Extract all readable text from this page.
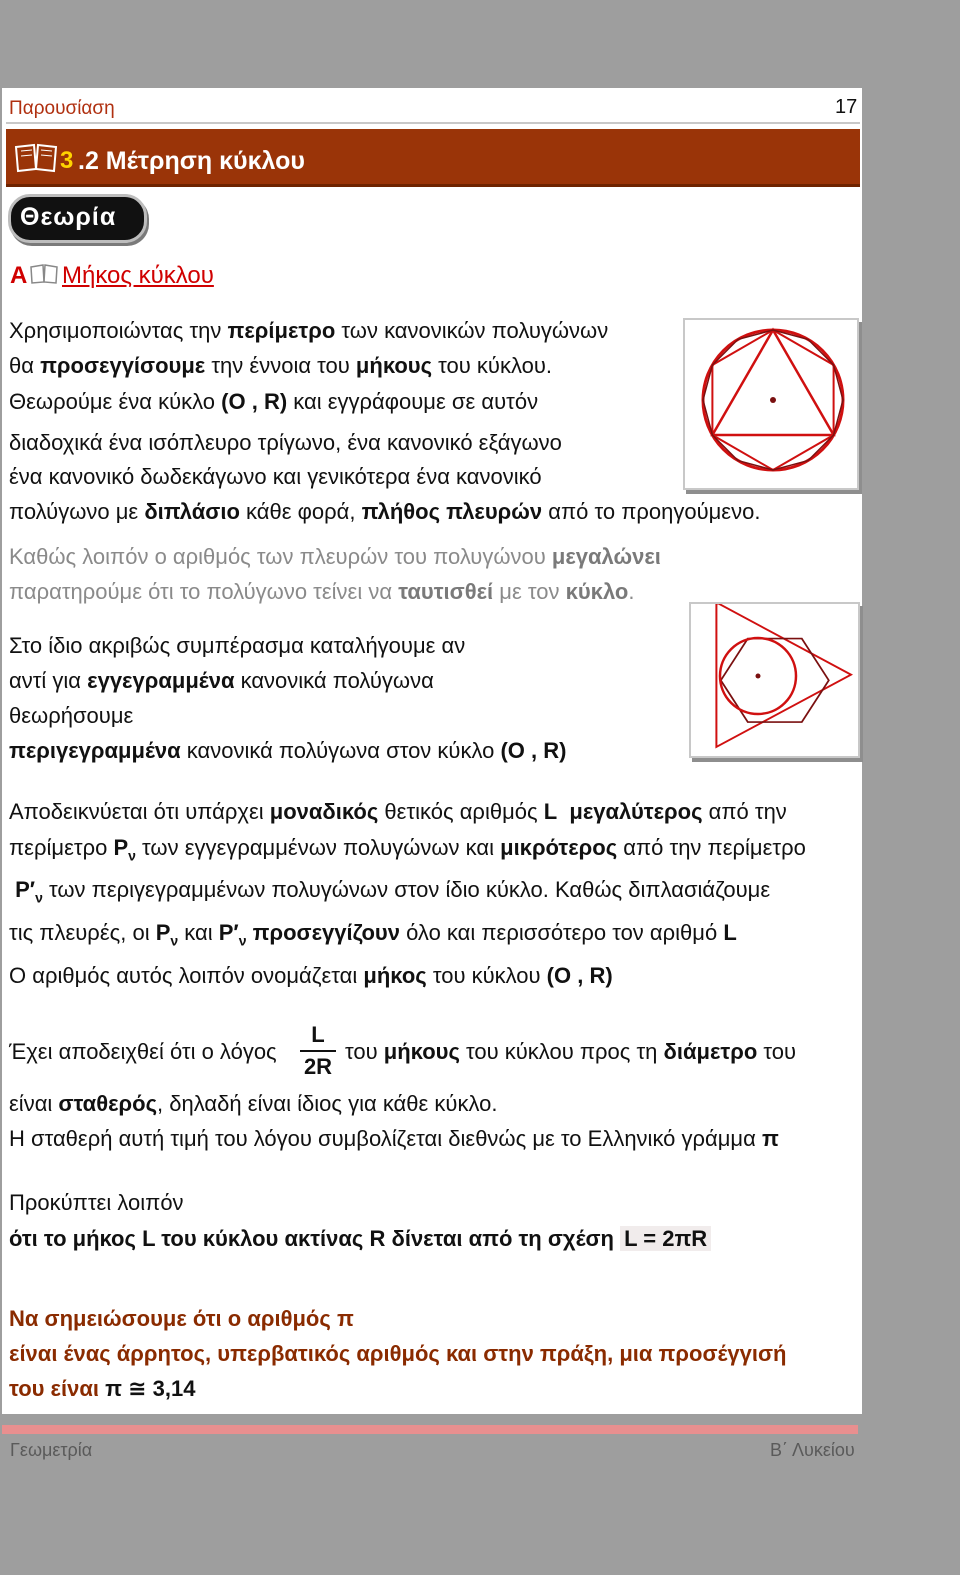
Παρουσίαση	17
3 .2 Μέτρηση κύκλου
Θεωρία
Α Μήκος κύκλου
Χρησιμοποιώντας την περίμετρο των κανονικών πολυγώνων
θα προσεγγίσουμε την έννοια του μήκους του κύκλου.
Θεωρούμε ένα κύκλο (O , R) και εγγράφουμε σε αυτόν
διαδοχικά ένα ισόπλευρο τρίγωνο, ένα κανονικό εξάγωνο
ένα κανονικό δωδεκάγωνο και γενικότερα ένα κανονικό
πολύγωνο με διπλάσιο κάθε φορά, πλήθος πλευρών από το προηγούμενο.
Καθώς λοιπόν ο αριθμός των πλευρών του πολυγώνου μεγαλώνει
παρατηρούμε ότι το πολύγωνο τείνει να ταυτισθεί με τον κύκλο.
Στο ίδιο ακριβώς συμπέρασμα καταλήγουμε αν
αντί για εγγεγραμμένα κανονικά πολύγωνα
θεωρήσουμε
περιγεγραμμένα κανονικά πολύγωνα στον κύκλο (O , R)
Αποδεικνύεται ότι υπάρχει μοναδικός θετικός αριθμός L μεγαλύτερος από την
περίμετρο $P_\nu$ των εγγεγραμμένων πολυγώνων και μικρότερος από την περίμετρο
$P'_\nu$ των περιγεγραμμένων πολυγώνων στον ίδιο κύκλο. Καθώς διπλασιάζουμε
τις πλευρές, οι $P_\nu$ και $P'_\nu$ προσεγγίζουν όλο και περισσότερο τον αριθμό L
Ο αριθμός αυτός λοιπόν ονομάζεται μήκος του κύκλου (O , R)
Έχει αποδειχθεί ότι ο λόγος
L
2R
του μήκους του κύκλου προς τη διάμετρο του
είναι σταθερός, δηλαδή είναι ίδιος για κάθε κύκλο.
Η σταθερή αυτή τιμή του λόγου συμβολίζεται διεθνώς με το Ελληνικό γράμμα π
Προκύπτει λοιπόν
ότι το μήκος L του κύκλου ακτίνας R δίνεται από τη σχέση L = 2πR
Να σημειώσουμε ότι ο αριθμός π
είναι ένας άρρητος, υπερβατικός αριθμός και στην πράξη, μια προσέγγισή
του είναι π ≅ 3,14
Γεωμετρία	Β΄ Λυκείου
